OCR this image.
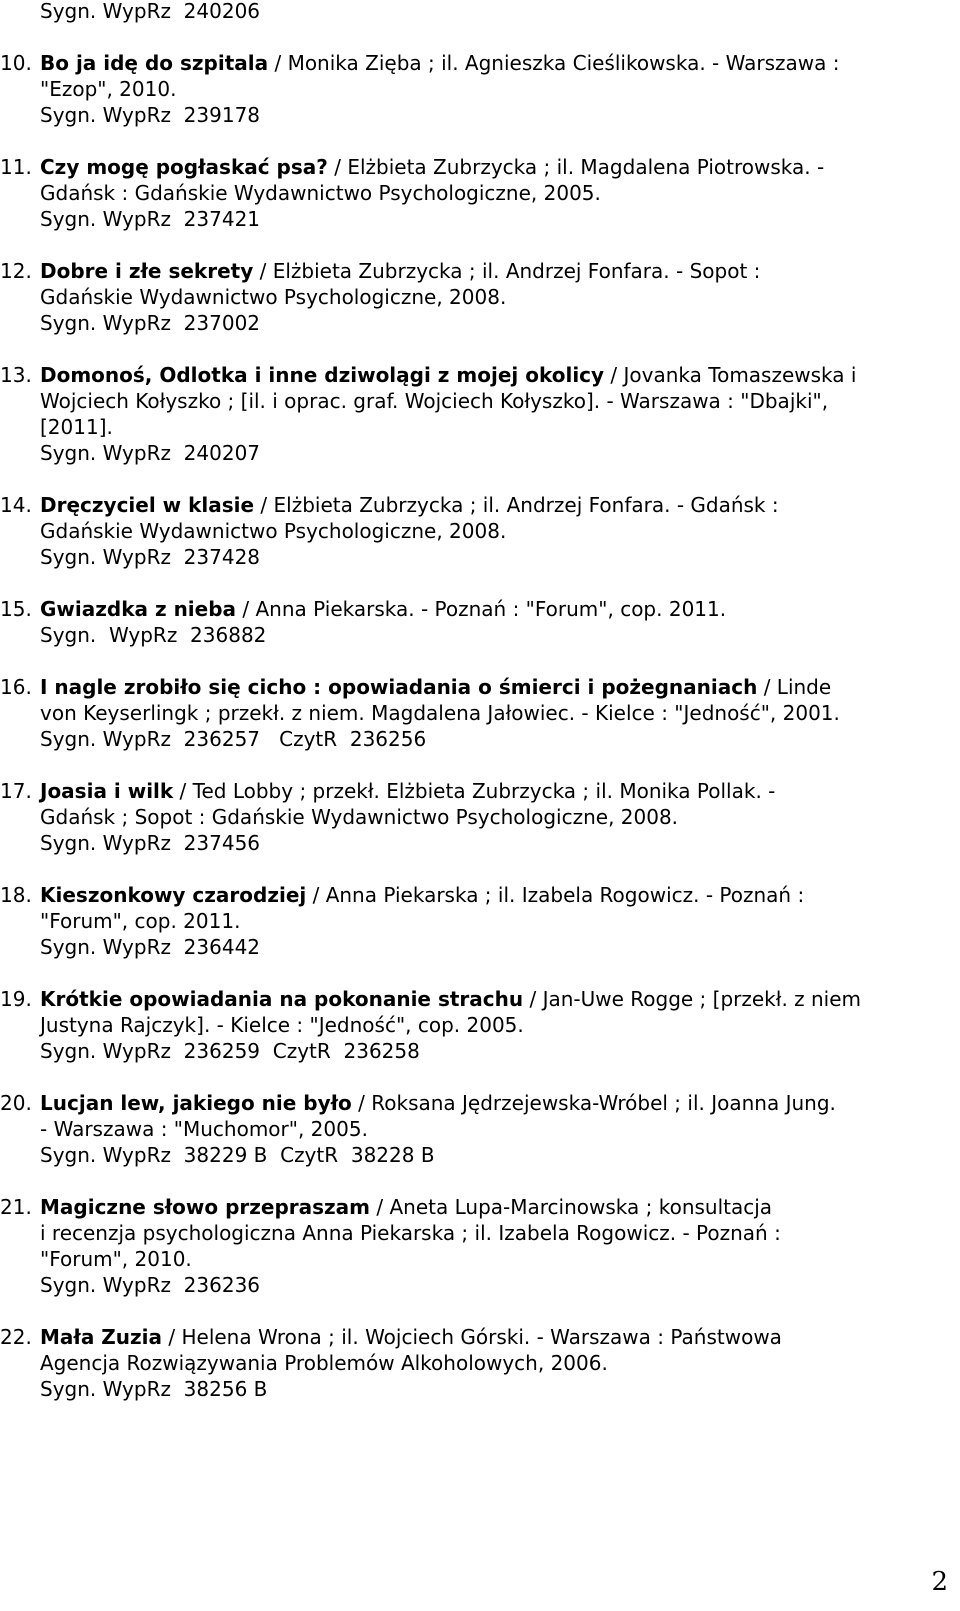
Sygn. WypRz  240206
10. Bo ja idę do szpitala / Monika Zięba ; il. Agnieszka Cieślikowska. - Warszawa :
"Ezop", 2010.
Sygn. WypRz  239178
11. Czy mogę pogłaskać psa? / Elżbieta Zubrzycka ; il. Magdalena Piotrowska. -
Gdańsk : Gdańskie Wydawnictwo Psychologiczne, 2005.
Sygn. WypRz  237421
12. Dobre i złe sekrety / Elżbieta Zubrzycka ; il. Andrzej Fonfara. - Sopot :
Gdańskie Wydawnictwo Psychologiczne, 2008.
Sygn. WypRz  237002
13. Domonoś, Odlotka i inne dziwolągi z mojej okolicy / Jovanka Tomaszewska i
Wojciech Kołyszko ; [il. i oprac. graf. Wojciech Kołyszko]. - Warszawa : "Dbajki",
[2011].
Sygn. WypRz  240207
14. Dręczyciel w klasie / Elżbieta Zubrzycka ; il. Andrzej Fonfara. - Gdańsk :
Gdańskie Wydawnictwo Psychologiczne, 2008.
Sygn. WypRz  237428
15. Gwiazdka z nieba / Anna Piekarska. - Poznań : "Forum", cop. 2011.
Sygn.  WypRz  236882
16. I nagle zrobiło się cicho : opowiadania o śmierci i pożegnaniach / Linde
von Keyserlingk ; przekł. z niem. Magdalena Jałowiec. - Kielce : "Jedność", 2001.
Sygn. WypRz  236257   CzytR  236256
17. Joasia i wilk / Ted Lobby ; przekł. Elżbieta Zubrzycka ; il. Monika Pollak. -
Gdańsk ; Sopot : Gdańskie Wydawnictwo Psychologiczne, 2008.
Sygn. WypRz  237456
18. Kieszonkowy czarodziej / Anna Piekarska ; il. Izabela Rogowicz. - Poznań :
"Forum", cop. 2011.
Sygn. WypRz  236442
19. Krótkie opowiadania na pokonanie strachu / Jan-Uwe Rogge ; [przekł. z niem
Justyna Rajczyk]. - Kielce : "Jedność", cop. 2005.
Sygn. WypRz  236259  CzytR  236258
20. Lucjan lew, jakiego nie było / Roksana Jędrzejewska-Wróbel ; il. Joanna Jung.
- Warszawa : "Muchomor", 2005.
Sygn. WypRz  38229 B  CzytR  38228 B
21. Magiczne słowo przepraszam / Aneta Lupa-Marcinowska ; konsultacja
i recenzja psychologiczna Anna Piekarska ; il. Izabela Rogowicz. - Poznań :
"Forum", 2010.
Sygn. WypRz  236236
22. Mała Zuzia / Helena Wrona ; il. Wojciech Górski. - Warszawa : Państwowa
Agencja Rozwiązywania Problemów Alkoholowych, 2006.
Sygn. WypRz  38256 B
2
